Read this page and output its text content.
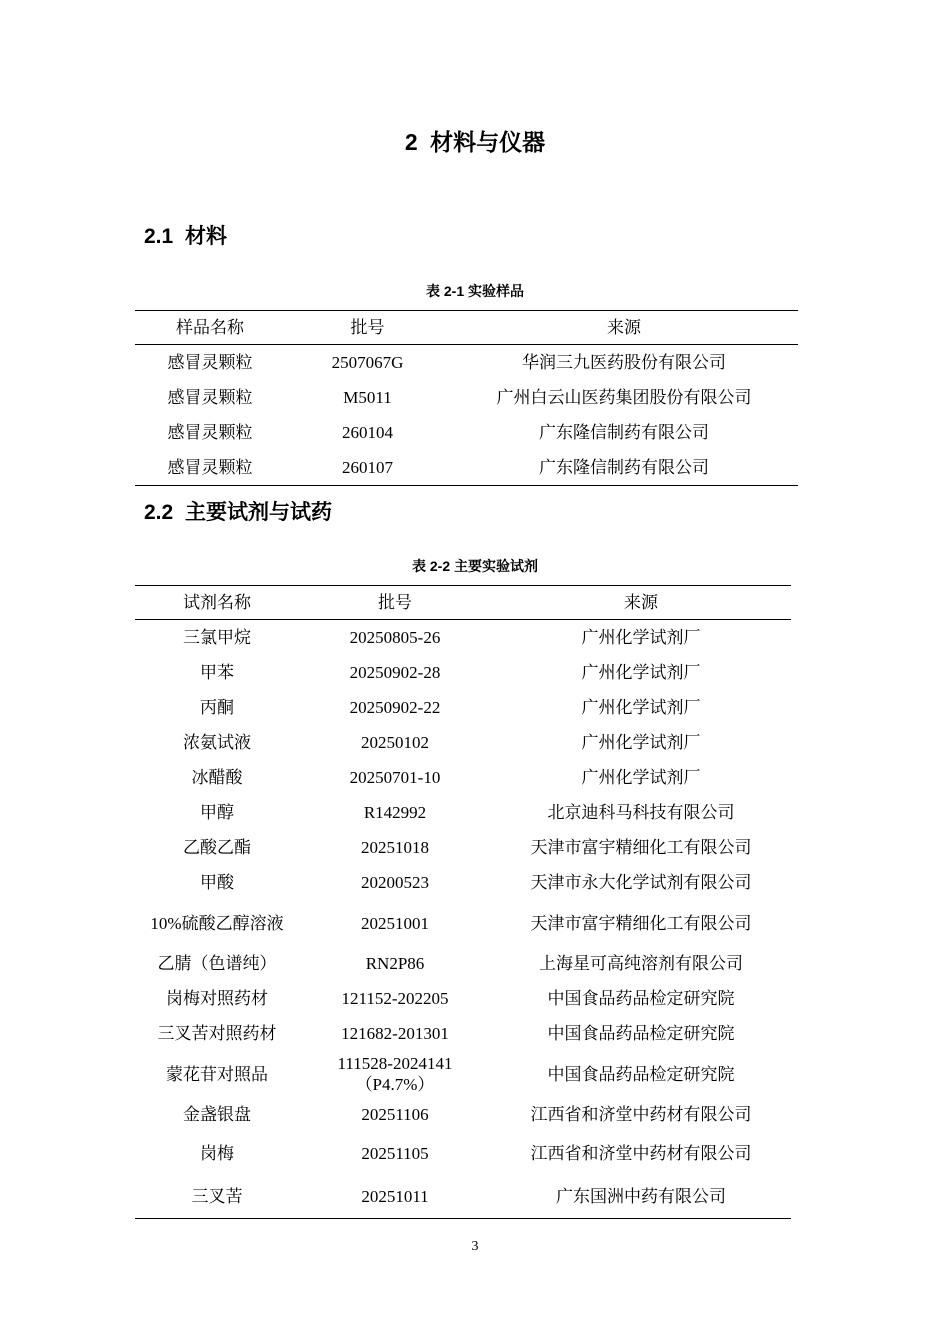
2 材料与仪器
2.1 材料
表 2-1 实验样品
样品名称	批号	来源
感冒灵颗粒	2507067G	华润三九医药股份有限公司
感冒灵颗粒	M5011	广州白云山医药集团股份有限公司
感冒灵颗粒	260104	广东隆信制药有限公司
感冒灵颗粒	260107	广东隆信制药有限公司
2.2 主要试剂与试药
表 2-2 主要实验试剂
试剂名称	批号	来源
三氯甲烷	20250805-26	广州化学试剂厂
甲苯	20250902-28	广州化学试剂厂
丙酮	20250902-22	广州化学试剂厂
浓氨试液	20250102	广州化学试剂厂
冰醋酸	20250701-10	广州化学试剂厂
甲醇	R142992	北京迪科马科技有限公司
乙酸乙酯	20251018	天津市富宇精细化工有限公司
甲酸	20200523	天津市永大化学试剂有限公司
10%硫酸乙醇溶液	20251001	天津市富宇精细化工有限公司
乙腈（色谱纯）	RN2P86	上海星可高纯溶剂有限公司
岗梅对照药材	121152-202205	中国食品药品检定研究院
三叉苦对照药材	121682-201301	中国食品药品检定研究院
蒙花苷对照品	111528-2024141（P4.7%）	中国食品药品检定研究院
金盏银盘	20251106	江西省和济堂中药材有限公司
岗梅	20251105	江西省和济堂中药材有限公司
三叉苦	20251011	广东国洲中药有限公司
3
